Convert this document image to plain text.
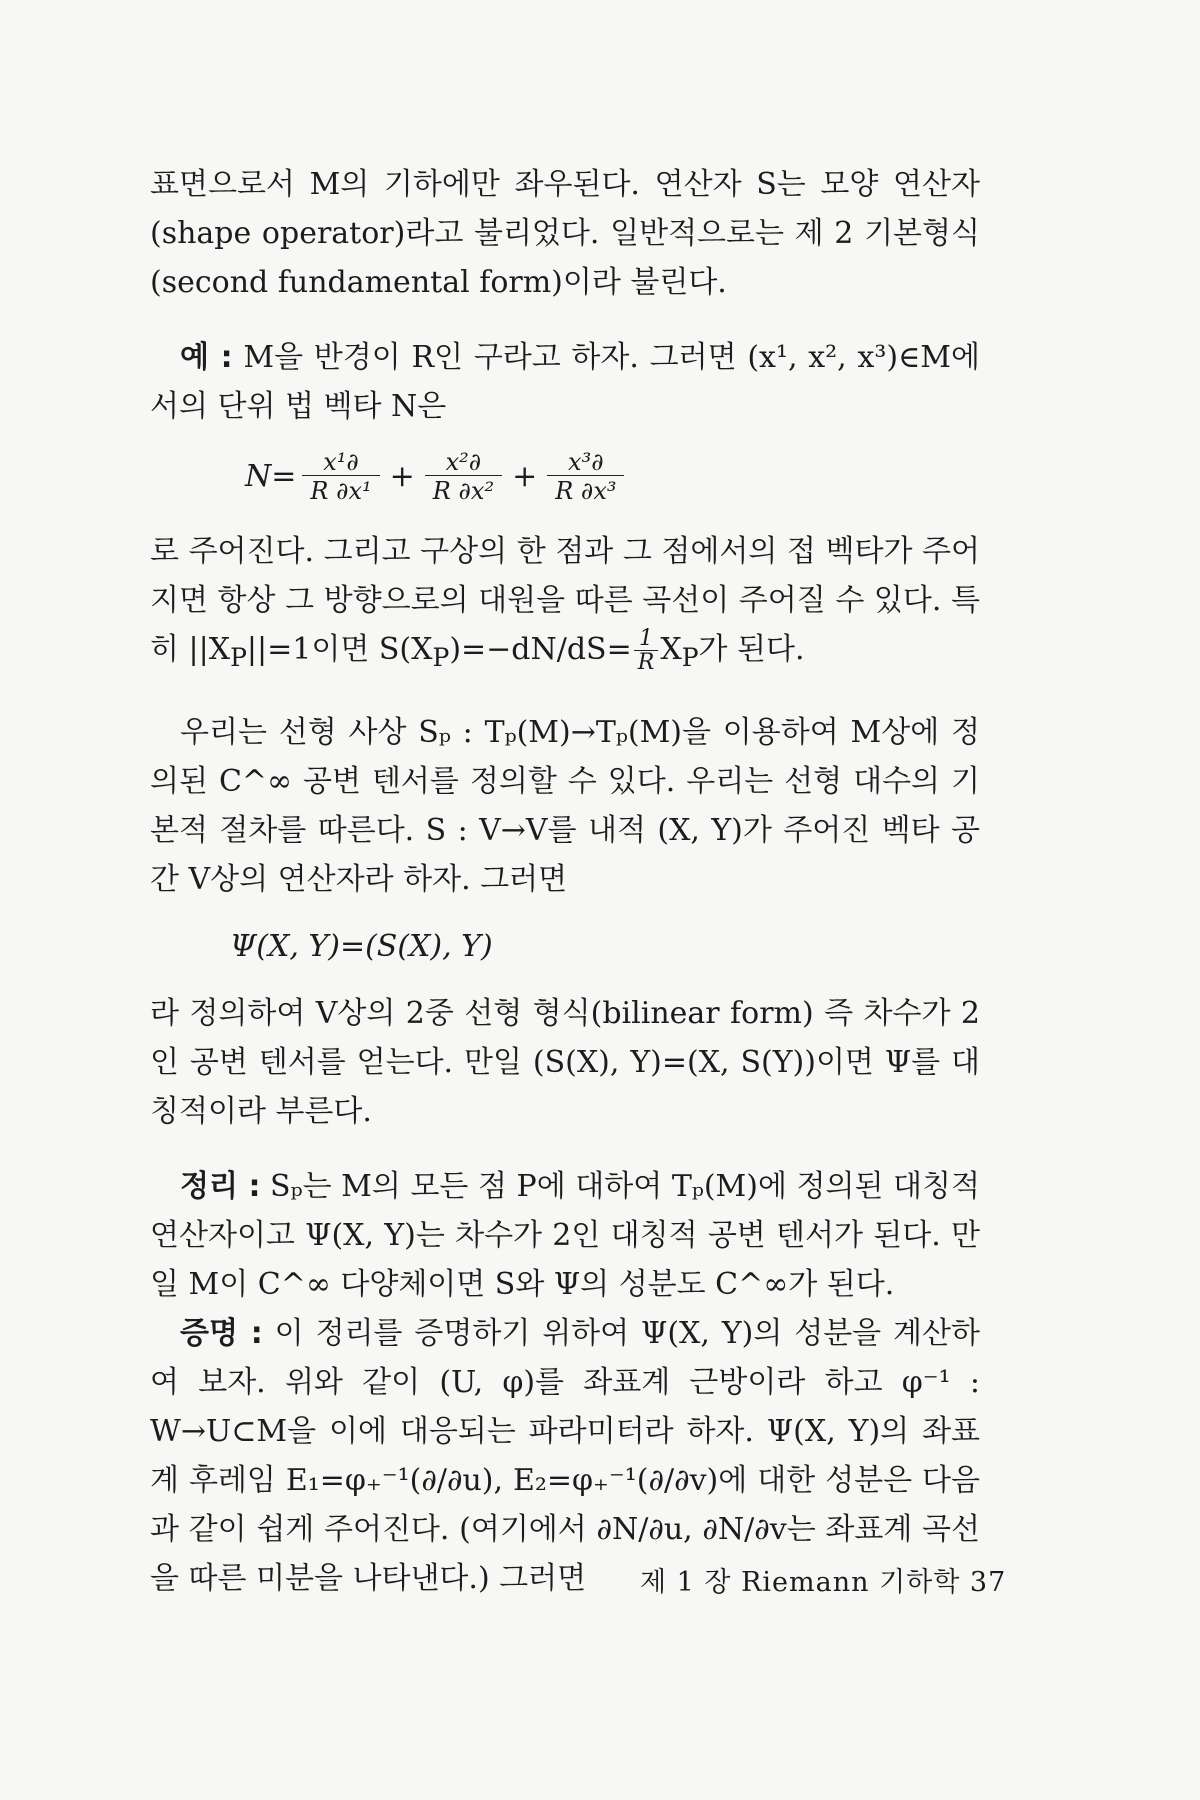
표면으로서 M의 기하에만 좌우된다. 연산자 S는 모양 연산자(shape operator)라고 불리었다. 일반적으로는 제 2 기본형식(second fundamental form)이라 불린다.

예 : M을 반경이 R인 구라고 하자. 그러면 (x¹, x², x³)∈M에서의 단위 법 벡타 N은

$N= \frac{\text{x¹∂}}{\text{R ∂x¹}} + \frac{\text{x²∂}}{\text{R ∂x²}} + \frac{\text{x³∂}}{\text{R ∂x³}}$

로 주어진다. 그리고 구상의 한 점과 그 점에서의 접 벡타가 주어지면 항상 그 방향으로의 대원을 따른 곡선이 주어질 수 있다. 특히 $||X_P||=1$이면 $S(X_P)=-dN/dS= \frac{1}{R} X_P$가 된다.

우리는 선형 사상 Sₚ : Tₚ(M)→Tₚ(M)을 이용하여 M상에 정의된 C^∞ 공변 텐서를 정의할 수 있다. 우리는 선형 대수의 기본적 절차를 따른다. S : V→V를 내적 (X, Y)가 주어진 벡타 공간 V상의 연산자라 하자. 그러면

Ψ(X, Y)=(S(X), Y)

라 정의하여 V상의 2중 선형 형식(bilinear form) 즉 차수가 2인 공변 텐서를 얻는다. 만일 (S(X), Y)=(X, S(Y))이면 Ψ를 대칭적이라 부른다.

정리 : Sₚ는 M의 모든 점 P에 대하여 Tₚ(M)에 정의된 대칭적 연산자이고 Ψ(X, Y)는 차수가 2인 대칭적 공변 텐서가 된다. 만일 M이 C^∞ 다양체이면 S와 Ψ의 성분도 C^∞가 된다.

증명 : 이 정리를 증명하기 위하여 Ψ(X, Y)의 성분을 계산하여 보자. 위와 같이 (U, φ)를 좌표계 근방이라 하고 φ⁻¹ : W→U⊂M을 이에 대응되는 파라미터라 하자. Ψ(X, Y)의 좌표계 후레임 E₁=φ₊⁻¹(∂/∂u), E₂=φ₊⁻¹(∂/∂v)에 대한 성분은 다음과 같이 쉽게 주어진다. (여기에서 ∂N/∂u, ∂N/∂v는 좌표계 곡선을 따른 미분을 나타낸다.) 그러면	제 1 장 Riemann 기하학 37
